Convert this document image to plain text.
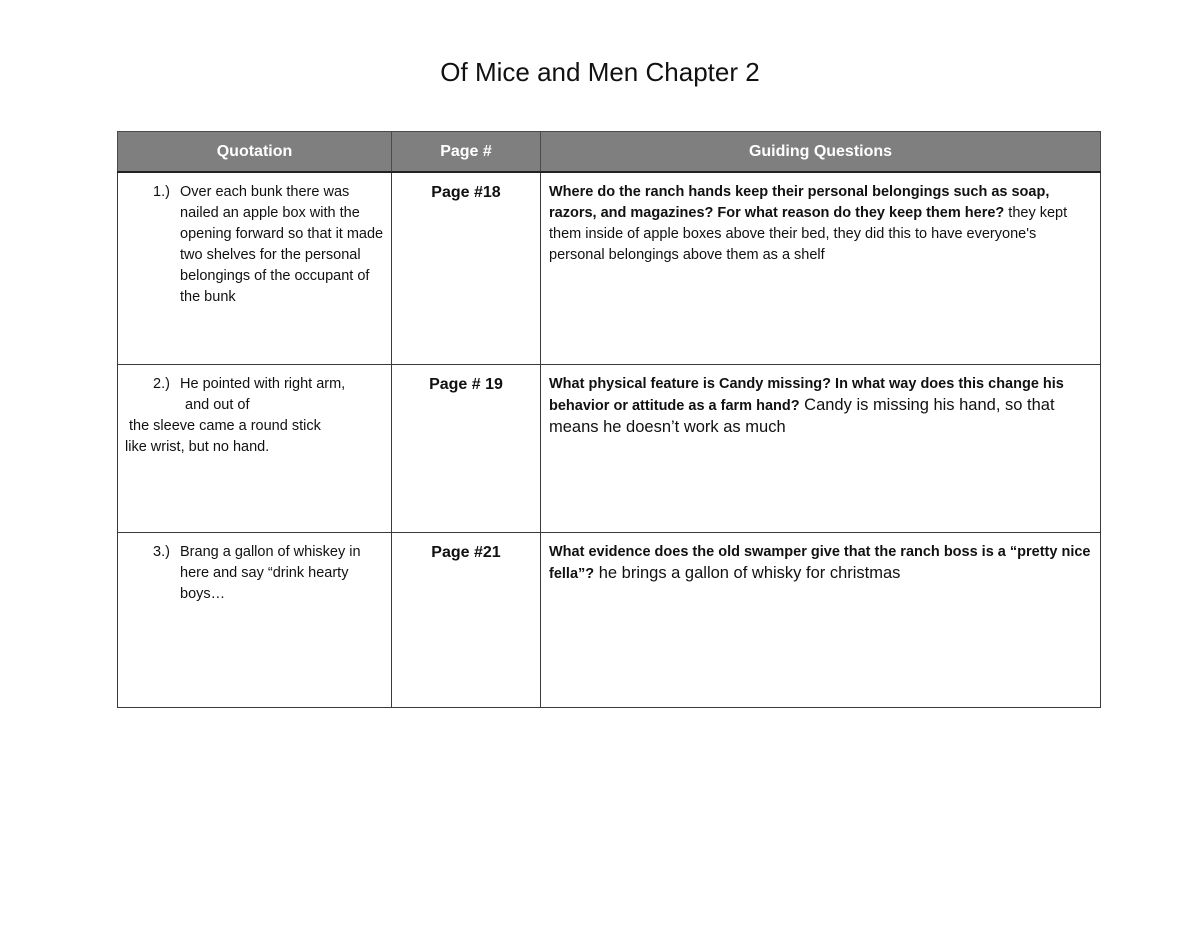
Of Mice and Men Chapter 2
Quotation	Page #	Guiding Questions

1.) Over each bunk there was nailed an apple box with the opening forward so that it made two shelves for the personal belongings of the occupant of the bunk	Page #18	Where do the ranch hands keep their personal belongings such as soap, razors, and magazines? For what reason do they keep them here? they kept them inside of apple boxes above their bed, they did this to have everyone's personal belongings above them as a shelf

2.) He pointed with right arm,
and out of
the sleeve came a round stick
like wrist, but no hand.	Page # 19	What physical feature is Candy missing? In what way does this change his behavior or attitude as a farm hand? Candy is missing his hand, so that means he doesn’t work as much

3.) Brang a gallon of whiskey in here and say “drink hearty boys…	Page #21	What evidence does the old swamper give that the ranch boss is a “pretty nice fella”? he brings a gallon of whisky for christmas
